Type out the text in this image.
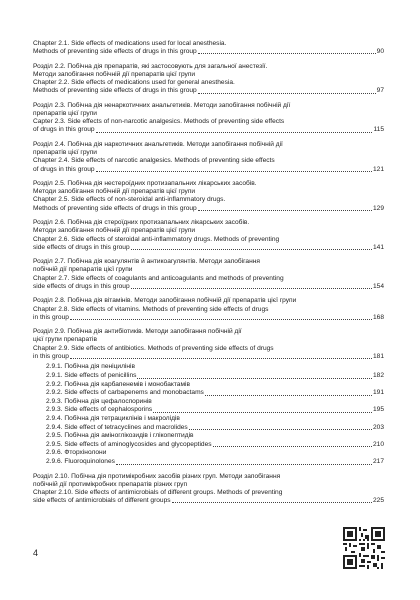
Chapter 2.1. Side effects of medications used for local anesthesia.
Methods of preventing side effects of drugs in this group	90
Розділ 2.2. Побічна дія препаратів, які застосовують для загальної анестезії.
Методи запобігання побічній дії препаратів цієї групи
Chapter 2.2. Side effects of medications used for general anesthesia.
Methods of preventing side effects of drugs in this group	97
Розділ 2.3. Побічна дія ненаркотичних анальгетиків. Методи запобігання побічній дії
препаратів цієї групи
Capter 2.3. Side effects of non-narcotic analgesics. Methods of preventing side effects
of drugs in this group	115
Розділ 2.4. Побічна дія наркотичних анальгетиків. Методи запобігання побічній дії
препаратів цієї групи
Chapter 2.4. Side effects of narcotic analgesics. Methods of preventing side effects
of drugs in this group	121
Розділ 2.5. Побічна дія нестероїдних протизапальних лікарських засобів.
Методи запобігання побічній дії препаратів цієї групи
Chapter 2.5. Side effects of non-steroidal anti-inflammatory drugs.
Methods of preventing side effects of drugs in this group	129
Розділ 2.6. Побічна дія стероїдних протизапальних лікарських засобів.
Методи запобігання побічній дії препаратів цієї групи
Chapter 2.6. Side effects of steroidal anti-inflammatory drugs. Methods of preventing
side effects of drugs in this group	141
Розділ 2.7. Побічна дія коагулянтів й антикоагулянтів. Методи запобігання
побічній дії препаратів цієї групи
Chapter 2.7. Side effects of coagulants and anticoagulants and methods of preventing
side effects of drugs in this group	154
Розділ 2.8. Побічна дія вітамінів. Методи запобігання побічній дії препаратів цієї групи
Chapter 2.8. Side effects of vitamins. Methods of preventing side effects of drugs
in this group	168
Розділ 2.9. Побічна дія антибіотиків. Методи запобігання побічній дії
цієї групи препаратів
Chapter 2.9. Side effects of antibiotics. Methods of preventing side effects of drugs
in this group	181
2.9.1. Побічна дія пеніцилінів
2.9.1. Side effects of penicillins	182
2.9.2. Побічна дія карбапенемів і монобактамів
2.9.2. Side effects of carbapenems and monobactams	191
2.9.3. Побічна дія цефалоспоринів
2.9.3. Side effects of cephalosporins	195
2.9.4. Побічна дія тетрациклінів і макролідів
2.9.4. Side effect of tetracyclines and macrolides	203
2.9.5. Побічна дія аміноглікозидів і глікопептидів
2.9.5. Side effects of aminoglycosides and glycopeptides	210
2.9.6. Фторхінолони
2.9.6. Fluoroquinolones	217
Розділ 2.10. Побічна дія протимікробних засобів різних груп. Методи запобігання
побічній дії протимікробних препаратів різних груп
Chapter 2.10. Side effects of antimicrobials of different groups. Methods of preventing
side effects of antimicrobials of different groups	225
4
